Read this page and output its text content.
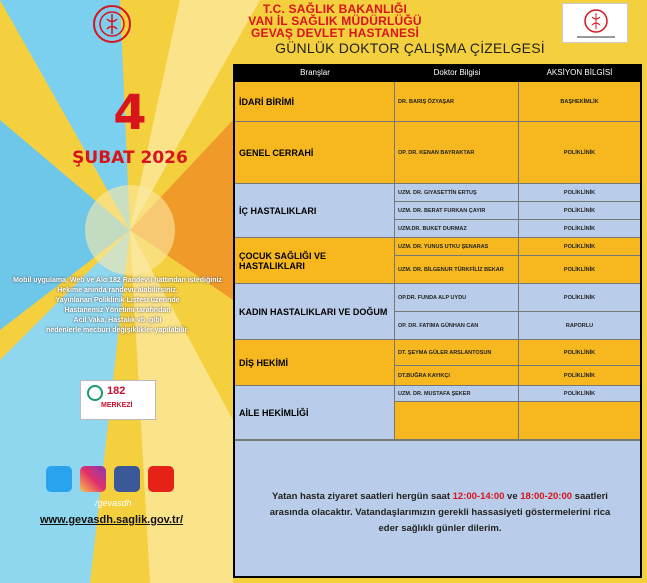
T.C. SAĞLIK BAKANLIĞI
VAN İL SAĞLIK MÜDÜRLÜĞÜ
GEVAŞ DEVLET HASTANESİ
GÜNLÜK DOKTOR ÇALIŞMA ÇİZELGESİ
4
ŞUBAT 2026
Mobil uygulama, Web ve Alo 182 Randevu hattından istediğiniz
Hekime anında randevu alabilirsiniz.
Yayınlanan Poliklinik Listesi üzerinde
Hastanemiz Yönetimi tarafından
Acil Vaka, Hastalık vb. gibi
nedenlerle mecburi değişiklikler yapılabilir.
182
MERKEZİ
/gevasdh
www.gevasdh.saglik.gov.tr/
Branşlar	Doktor Bilgisi	AKSİYON BİLGİSİ
İDARİ BİRİMİ	DR. BARIŞ ÖZYAŞAR	BAŞHEKİMLİK
GENEL CERRAHİ	OP. DR. KENAN BAYRAKTAR	POLİKLİNİK
İÇ HASTALIKLARI
UZM. DR. GIYASETTİN ERTUŞ	POLİKLİNİK
UZM. DR. BERAT FURKAN ÇAYIR	POLİKLİNİK
UZM.DR. BUKET DURMAZ	POLİKLİNİK
ÇOCUK SAĞLIĞI VE HASTALIKLARI
UZM. DR. YUNUS UTKU ŞENARAS	POLİKLİNİK
UZM. DR. BİLGENUR TÜRKFİLİZ BEKAR	POLİKLİNİK
KADIN HASTALIKLARI VE DOĞUM
OP.DR. FUNDA ALP UYDU	POLİKLİNİK
OP. DR. FATIMA GÜNHAN CAN	RAPORLU
DİŞ HEKİMİ
DT. ŞEYMA GÜLER ARSLANTOSUN	POLİKLİNİK
DT.BUĞRA KAYIKÇI	POLİKLİNİK
AİLE HEKİMLİĞİ
UZM. DR. MUSTAFA ŞEKER	POLİKLİNİK
Yatan hasta ziyaret saatleri hergün saat 12:00-14:00 ve 18:00-20:00 saatleri arasında olacaktır. Vatandaşlarımızın gerekli hassasiyeti göstermelerini rica eder sağlıklı günler dilerim.
